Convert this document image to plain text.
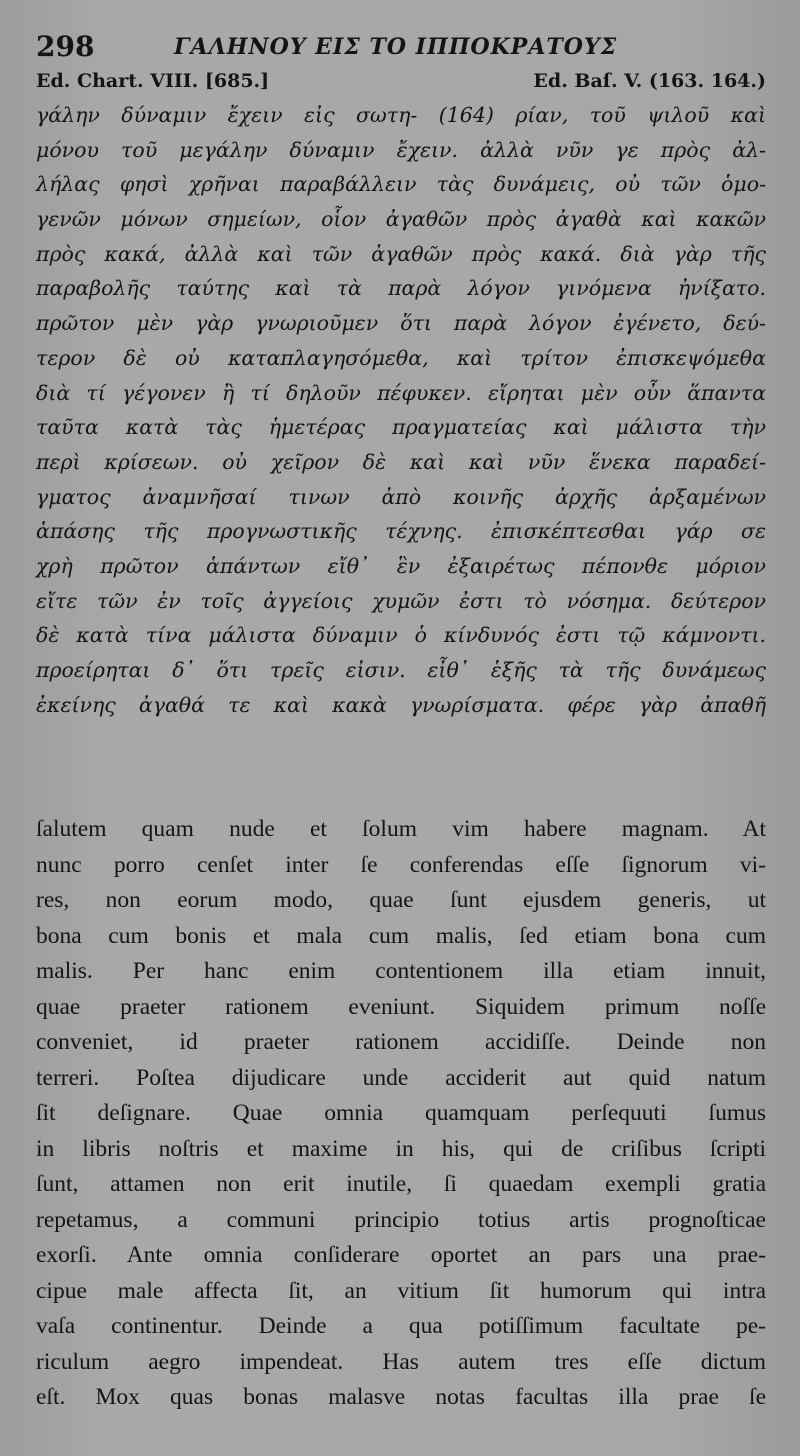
298	ΓΑΛΗΝΟΥ ΕΙΣ ΤΟ ΙΠΠΟΚΡΑΤΟΥΣ
Ed. Chart. VIII. [685.]	Ed. Baſ. V. (163. 164.)
γάλην δύναμιν ἔχειν εἰς σωτη- (164) ρίαν, τοῦ ψιλοῦ καὶ
μόνου τοῦ μεγάλην δύναμιν ἔχειν. ἀλλὰ νῦν γε πρὸς ἀλ-
λήλας φησὶ χρῆναι παραβάλλειν τὰς δυνάμεις, οὐ τῶν ὁμο-
γενῶν μόνων σημείων, οἷον ἀγαθῶν πρὸς ἀγαθὰ καὶ κακῶν
πρὸς κακά, ἀλλὰ καὶ τῶν ἀγαθῶν πρὸς κακά. διὰ γὰρ τῆς
παραβολῆς ταύτης καὶ τὰ παρὰ λόγον γινόμενα ἠνίξατο.
πρῶτον μὲν γὰρ γνωριοῦμεν ὅτι παρὰ λόγον ἐγένετο, δεύ-
τερον δὲ οὐ καταπλαγησόμεθα, καὶ τρίτον ἐπισκεψόμεθα
διὰ τί γέγονεν ἢ τί δηλοῦν πέφυκεν. εἴρηται μὲν οὖν ἅπαντα
ταῦτα κατὰ τὰς ἡμετέρας πραγματείας καὶ μάλιστα τὴν
περὶ κρίσεων. οὐ χεῖρον δὲ καὶ καὶ νῦν ἕνεκα παραδεί-
γματος ἀναμνῆσαί τινων ἀπὸ κοινῆς ἀρχῆς ἀρξαμένων
ἁπάσης τῆς προγνωστικῆς τέχνης. ἐπισκέπτεσθαι γάρ σε
χρὴ πρῶτον ἁπάντων εἴθ᾽ ἓν ἐξαιρέτως πέπονθε μόριον
εἴτε τῶν ἐν τοῖς ἀγγείοις χυμῶν ἐστι τὸ νόσημα. δεύτερον
δὲ κατὰ τίνα μάλιστα δύναμιν ὁ κίνδυνός ἐστι τῷ κάμνοντι.
προείρηται δ᾽ ὅτι τρεῖς εἰσιν. εἶθ᾽ ἑξῆς τὰ τῆς δυνάμεως
ἐκείνης ἀγαθά τε καὶ κακὰ γνωρίσματα. φέρε γὰρ ἀπαθῆ
ſalutem quam nude et ſolum vim habere magnam. At
nunc porro cenſet inter ſe conferendas eſſe ſignorum vi-
res, non eorum modo, quae ſunt ejusdem generis, ut
bona cum bonis et mala cum malis, ſed etiam bona cum
malis. Per hanc enim contentionem illa etiam innuit,
quae praeter rationem eveniunt. Siquidem primum noſſe
conveniet, id praeter rationem accidiſſe. Deinde non
terreri. Poſtea dijudicare unde acciderit aut quid natum
ſit deſignare. Quae omnia quamquam perſequuti ſumus
in libris noſtris et maxime in his, qui de criſibus ſcripti
ſunt, attamen non erit inutile, ſi quaedam exempli gratia
repetamus, a communi principio totius artis prognoſticae
exorſi. Ante omnia conſiderare oportet an pars una prae-
cipue male affecta ſit, an vitium ſit humorum qui intra
vaſa continentur. Deinde a qua potiſſimum facultate pe-
riculum aegro impendeat. Has autem tres eſſe dictum
eſt. Mox quas bonas malasve notas facultas illa prae ſe
